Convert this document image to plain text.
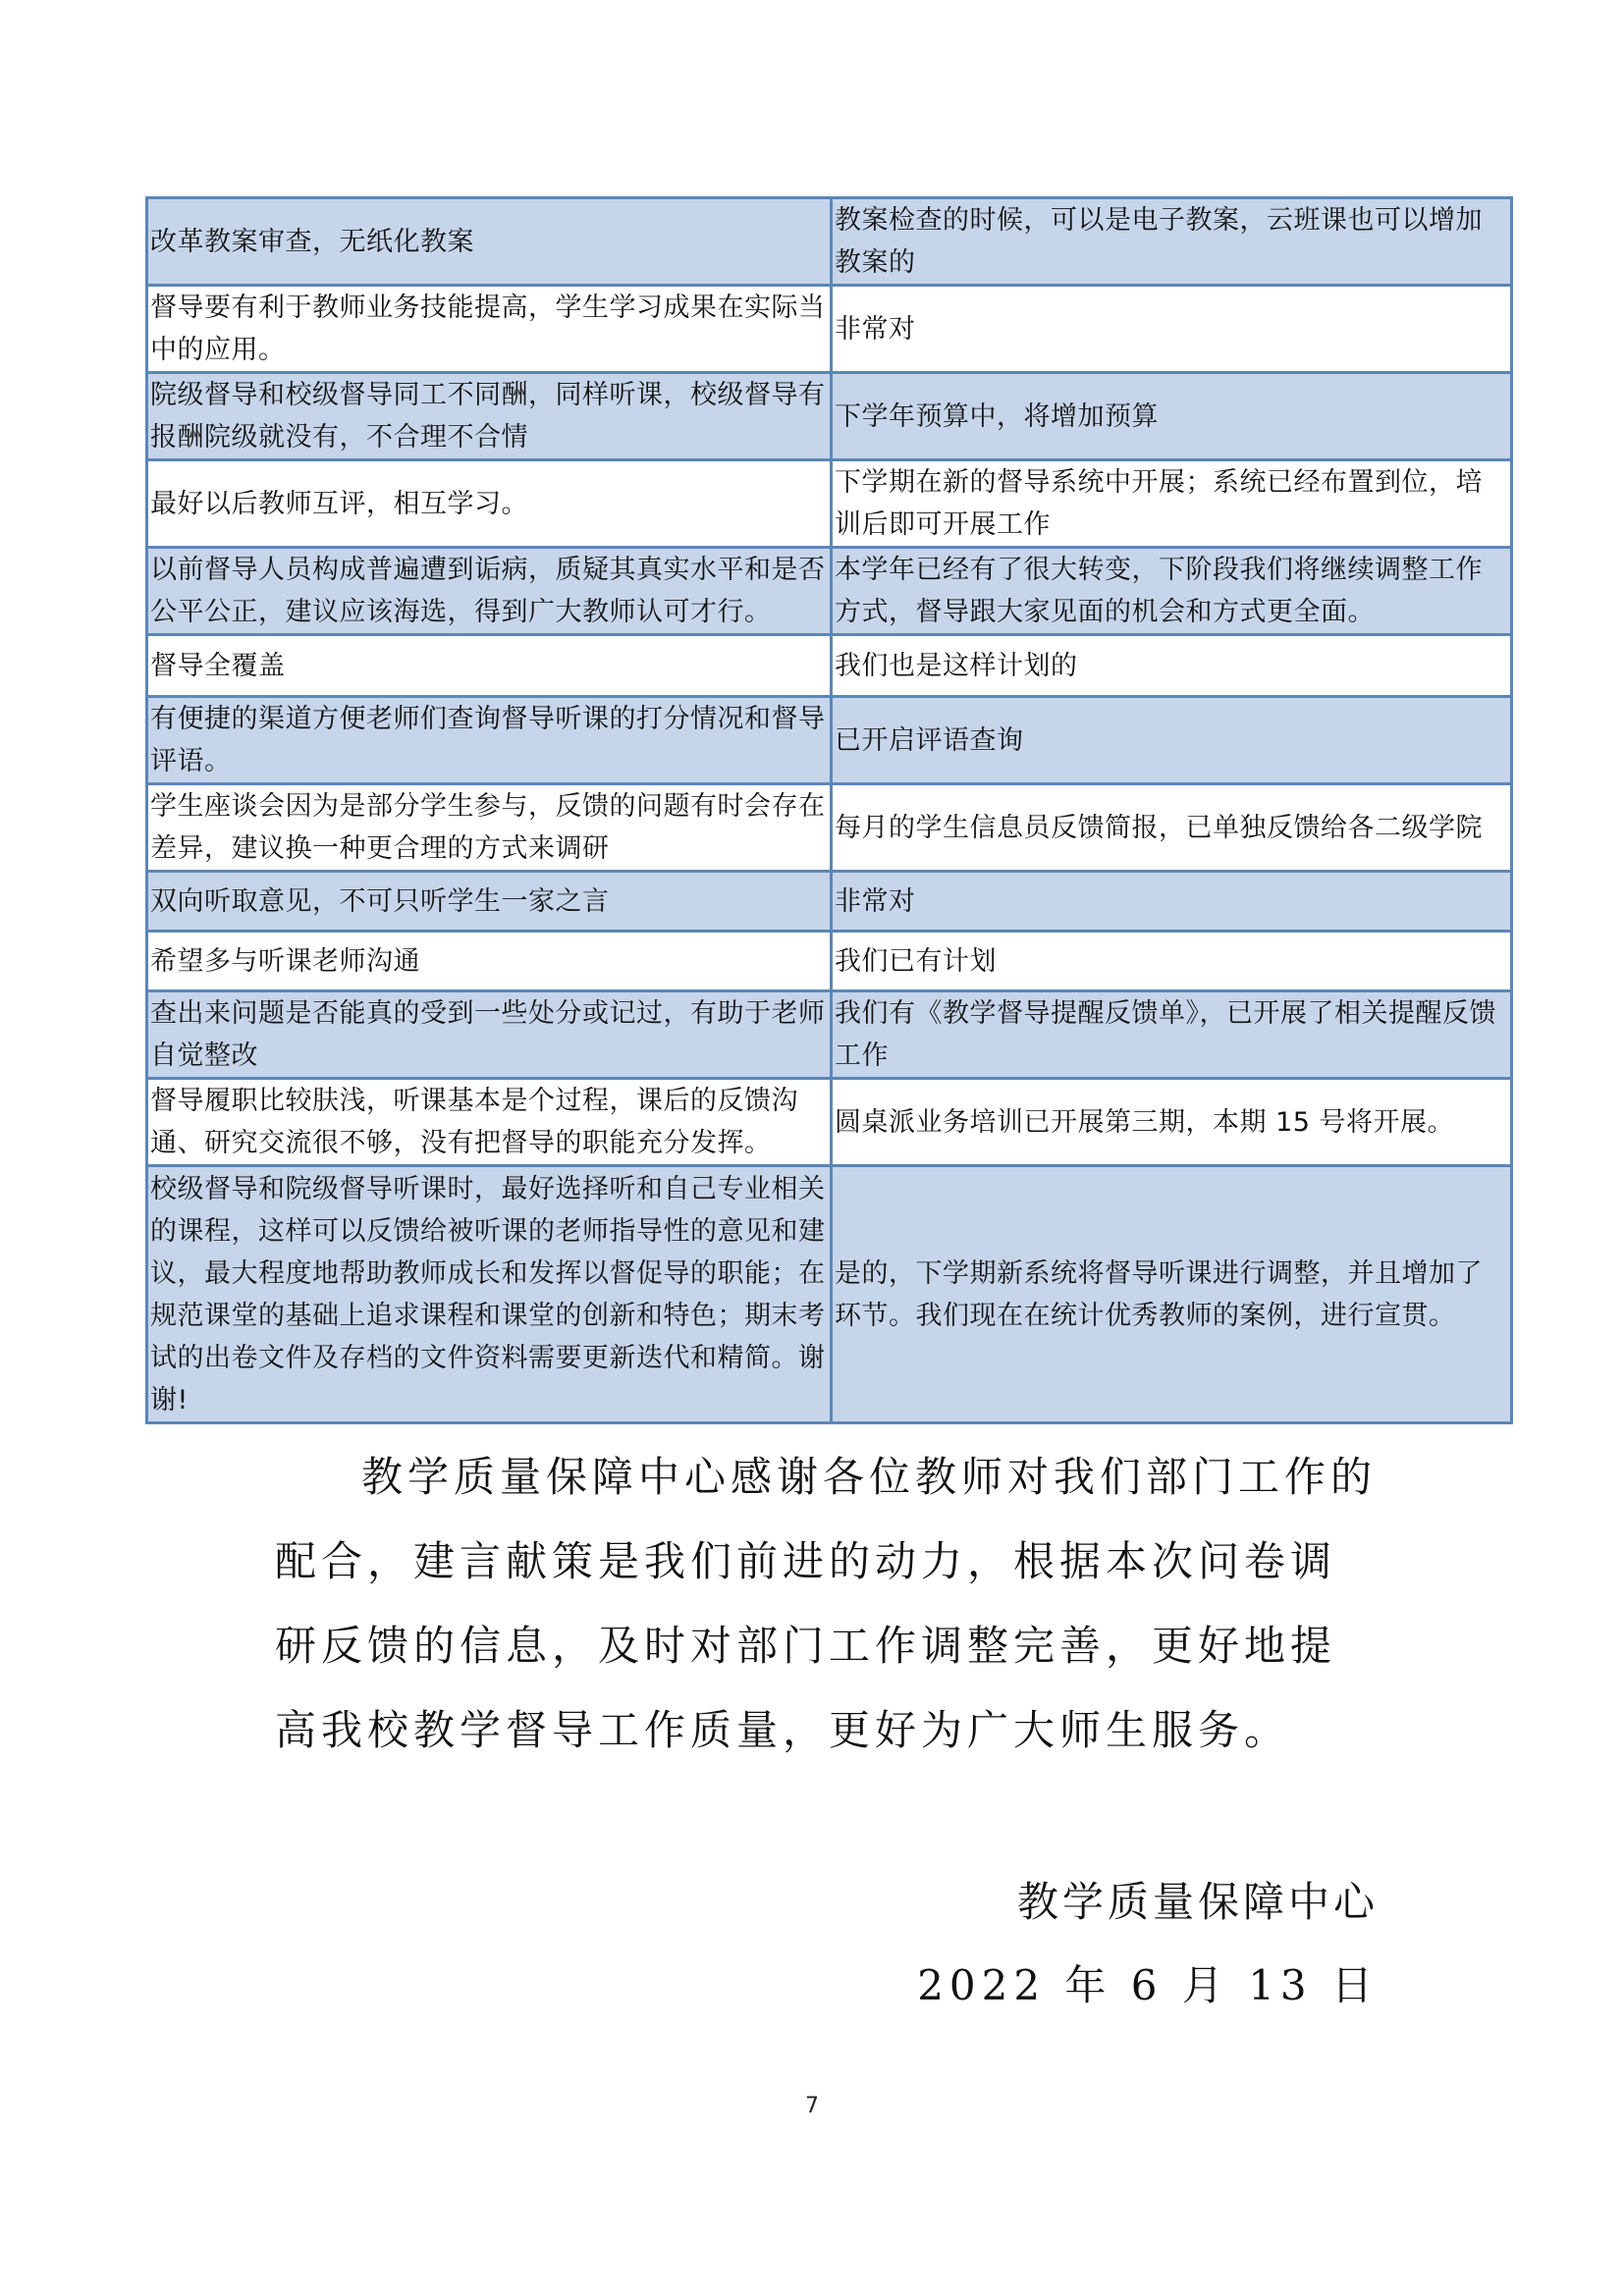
改革教案审查，无纸化教案	教案检查的时候，可以是电子教案，云班课也可以增加教案的
督导要有利于教师业务技能提高，学生学习成果在实际当中的应用。	非常对
院级督导和校级督导同工不同酬，同样听课，校级督导有报酬院级就没有，不合理不合情	下学年预算中，将增加预算
最好以后教师互评，相互学习。	下学期在新的督导系统中开展；系统已经布置到位，培训后即可开展工作
以前督导人员构成普遍遭到诟病，质疑其真实水平和是否公平公正，建议应该海选，得到广大教师认可才行。	本学年已经有了很大转变，下阶段我们将继续调整工作方式，督导跟大家见面的机会和方式更全面。
督导全覆盖	我们也是这样计划的
有便捷的渠道方便老师们查询督导听课的打分情况和督导评语。	已开启评语查询
学生座谈会因为是部分学生参与，反馈的问题有时会存在差异，建议换一种更合理的方式来调研	每月的学生信息员反馈简报，已单独反馈给各二级学院
双向听取意见，不可只听学生一家之言	非常对
希望多与听课老师沟通	我们已有计划
查出来问题是否能真的受到一些处分或记过，有助于老师自觉整改	我们有《教学督导提醒反馈单》，已开展了相关提醒反馈工作
督导履职比较肤浅，听课基本是个过程，课后的反馈沟通、研究交流很不够，没有把督导的职能充分发挥。	圆桌派业务培训已开展第三期，本期 15 号将开展。
校级督导和院级督导听课时，最好选择听和自己专业相关的课程，这样可以反馈给被听课的老师指导性的意见和建议，最大程度地帮助教师成长和发挥以督促导的职能；在规范课堂的基础上追求课程和课堂的创新和特色；期末考试的出卷文件及存档的文件资料需要更新迭代和精简。谢谢!	是的，下学期新系统将督导听课进行调整，并且增加了环节。我们现在在统计优秀教师的案例，进行宣贯。

教学质量保障中心感谢各位教师对我们部门工作的配合，建言献策是我们前进的动力，根据本次问卷调研反馈的信息，及时对部门工作调整完善，更好地提高我校教学督导工作质量，更好为广大师生服务。

教学质量保障中心

2022 年 6 月 13 日

7
